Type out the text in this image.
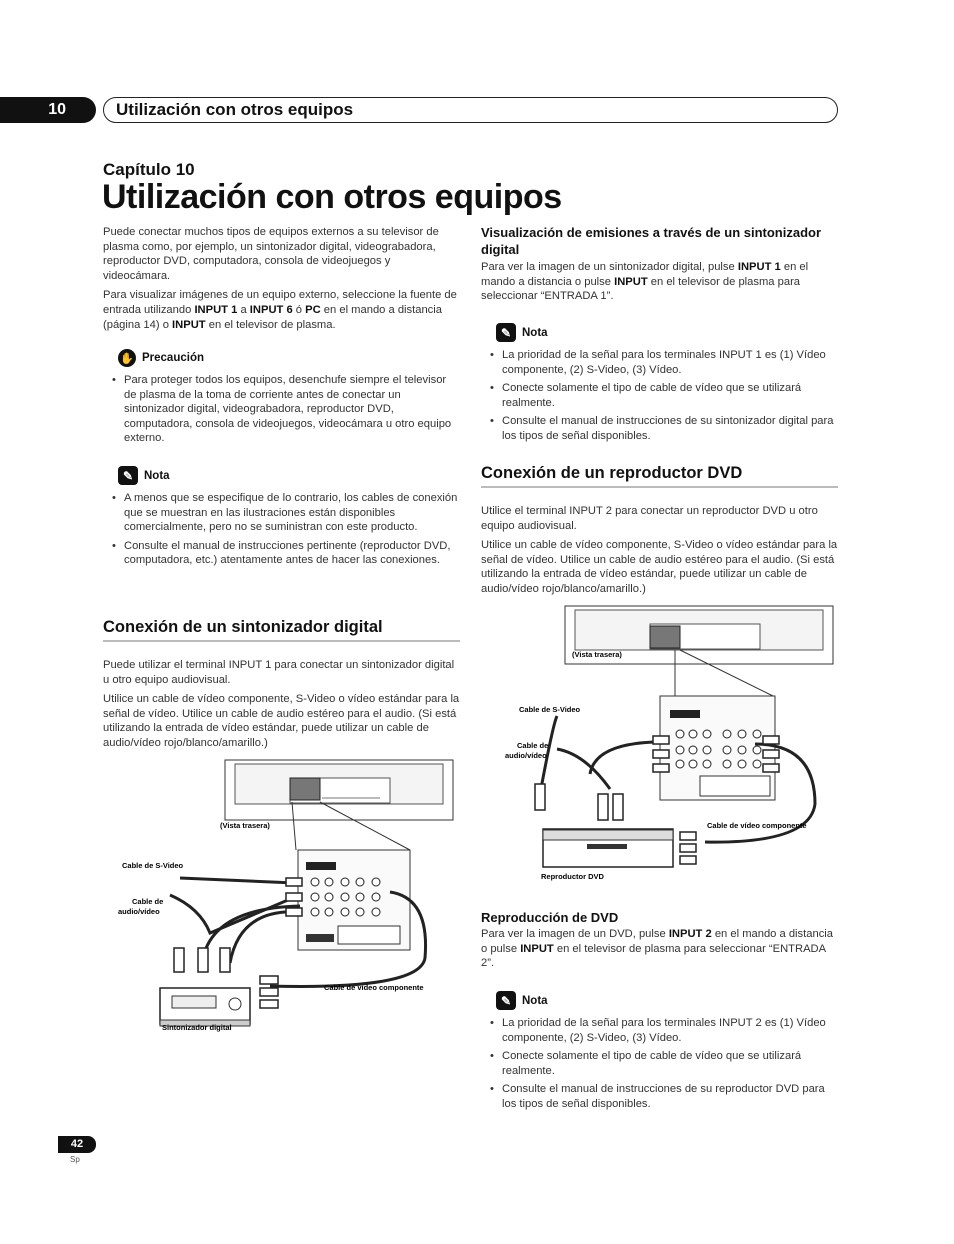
10	Utilización con otros equipos
Capítulo 10
Utilización con otros equipos

Puede conectar muchos tipos de equipos externos a su televisor de plasma como, por ejemplo, un sintonizador digital, videograbadora, reproductor DVD, computadora, consola de videojuegos y videocámara.

Para visualizar imágenes de un equipo externo, seleccione la fuente de entrada utilizando INPUT 1 a INPUT 6 ó PC en el mando a distancia (página 14) o INPUT en el televisor de plasma.

✋ Precaución
• Para proteger todos los equipos, desenchufe siempre el televisor de plasma de la toma de corriente antes de conectar un sintonizador digital, videograbadora, reproductor DVD, computadora, consola de videojuegos, videocámara u otro equipo externo.
✎ Nota
• A menos que se especifique de lo contrario, los cables de conexión que se muestran en las ilustraciones están disponibles comercialmente, pero no se suministran con este producto.
• Consulte el manual de instrucciones pertinente (reproductor DVD, computadora, etc.) atentamente antes de hacer las conexiones.
Conexión de un sintonizador digital

Puede utilizar el terminal INPUT 1 para conectar un sintonizador digital u otro equipo audiovisual.

Utilice un cable de vídeo componente, S-Video o vídeo estándar para la señal de vídeo. Utilice un cable de audio estéreo para el audio. (Si está utilizando la entrada de vídeo estándar, puede utilizar un cable de audio/vídeo rojo/blanco/amarillo.)

(Vista trasera)
Cable de S-Video
Cable de
audio/vídeo
Cable de vídeo componente
Sintonizador digital
Visualización de emisiones a través de un sintonizador digital

Para ver la imagen de un sintonizador digital, pulse INPUT 1 en el mando a distancia o pulse INPUT en el televisor de plasma para seleccionar “ENTRADA 1”.

✎ Nota
• La prioridad de la señal para los terminales INPUT 1 es (1) Vídeo componente, (2) S-Video, (3) Vídeo.
• Conecte solamente el tipo de cable de vídeo que se utilizará realmente.
• Consulte el manual de instrucciones de su sintonizador digital para los tipos de señal disponibles.
Conexión de un reproductor DVD

Utilice el terminal INPUT 2 para conectar un reproductor DVD u otro equipo audiovisual.

Utilice un cable de vídeo componente, S-Video o vídeo estándar para la señal de vídeo. Utilice un cable de audio estéreo para el audio. (Si está utilizando la entrada de vídeo estándar, puede utilizar un cable de audio/vídeo rojo/blanco/amarillo.)

(Vista trasera)
Cable de S-Video
Cable de
audio/vídeo
Cable de vídeo componente
Reproductor DVD
Reproducción de DVD

Para ver la imagen de un DVD, pulse INPUT 2 en el mando a distancia o pulse INPUT en el televisor de plasma para seleccionar “ENTRADA 2”.

✎ Nota
• La prioridad de la señal para los terminales INPUT 2 es (1) Vídeo componente, (2) S-Video, (3) Vídeo.
• Conecte solamente el tipo de cable de vídeo que se utilizará realmente.
• Consulte el manual de instrucciones de su reproductor DVD para los tipos de señal disponibles.
42
Sp
